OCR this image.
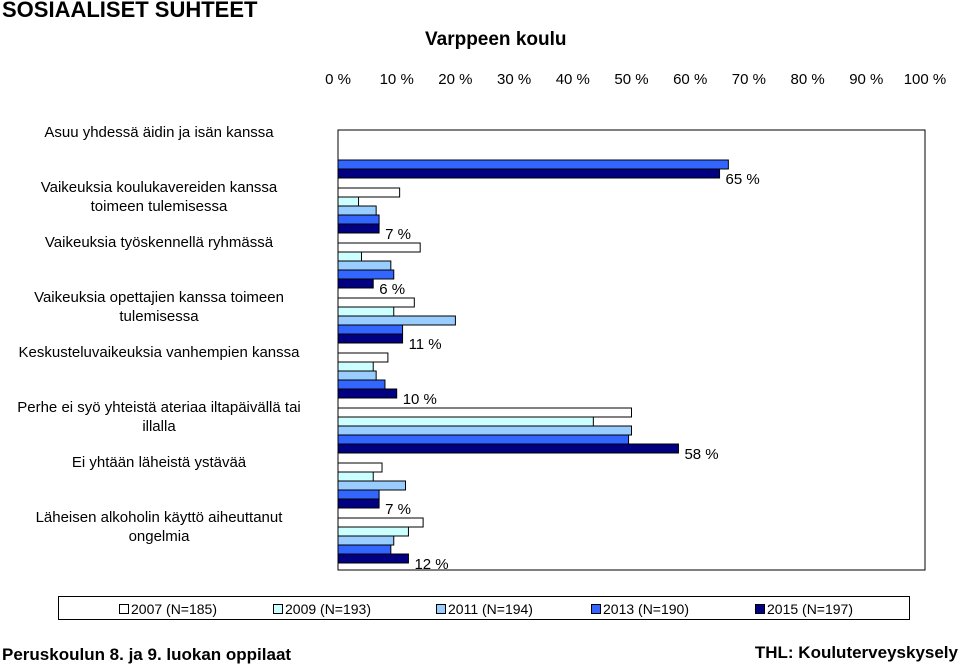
SOSIAALISET SUHTEET
Varppeen koulu
0 % 10 % 20 % 30 % 40 % 50 % 60 % 70 % 80 % 90 % 100 %
65 %
7 %
6 %
11 %
10 %
58 %
7 %
12 %
Asuu yhdessä äidin ja isän kanssa
Vaikeuksia koulukavereiden kanssa
toimeen tulemisessa
Vaikeuksia työskennellä ryhmässä
Vaikeuksia opettajien kanssa toimeen
tulemisessa
Keskusteluvaikeuksia vanhempien kanssa
Perhe ei syö yhteistä ateriaa iltapäivällä tai
illalla
Ei yhtään läheistä ystävää
Läheisen alkoholin käyttö aiheuttanut
ongelmia
2007 (N=185)	2009 (N=193)	2011 (N=194)	2013 (N=190)	2015 (N=197)
Peruskoulun 8. ja 9. luokan oppilaat	THL: Kouluterveyskysely
